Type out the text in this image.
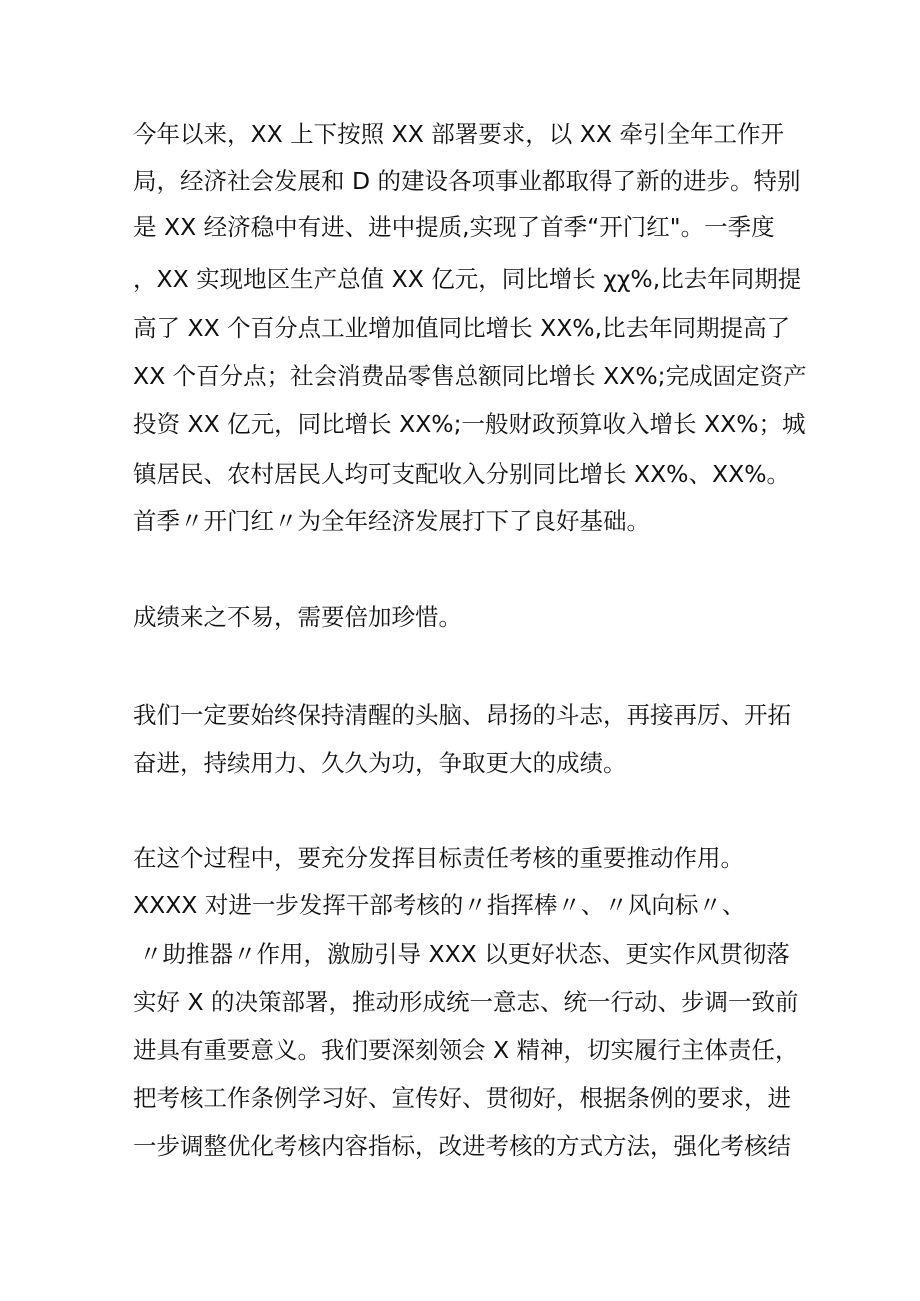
今年以来，XX 上下按照 XX 部署要求，以 XX 牵引全年工作开
局，经济社会发展和 D 的建设各项事业都取得了新的进步。特别
是 XX 经济稳中有进、进中提质,实现了首季“开门红"。一季度
，XX 实现地区生产总值 XX 亿元，同比增长 χχ%,比去年同期提
高了 XX 个百分点工业增加值同比增长 XX%,比去年同期提高了
XX 个百分点；社会消费品零售总额同比增长 XX%;完成固定资产
投资 XX 亿元，同比增长 XX%;一般财政预算收入增长 XX%；城
镇居民、农村居民人均可支配收入分别同比增长 XX%、XX%。
首季〃开门红〃为全年经济发展打下了良好基础。
成绩来之不易，需要倍加珍惜。
我们一定要始终保持清醒的头脑、昂扬的斗志，再接再厉、开拓
奋进，持续用力、久久为功，争取更大的成绩。
在这个过程中，要充分发挥目标责任考核的重要推动作用。
XXXX 对进一步发挥干部考核的〃指挥棒〃、〃风向标〃、
〃助推器〃作用，激励引导 XXX 以更好状态、更实作风贯彻落
实好 X 的决策部署，推动形成统一意志、统一行动、步调一致前
进具有重要意义。我们要深刻领会 X 精神，切实履行主体责任，
把考核工作条例学习好、宣传好、贯彻好，根据条例的要求，进
一步调整优化考核内容指标，改进考核的方式方法，强化考核结
